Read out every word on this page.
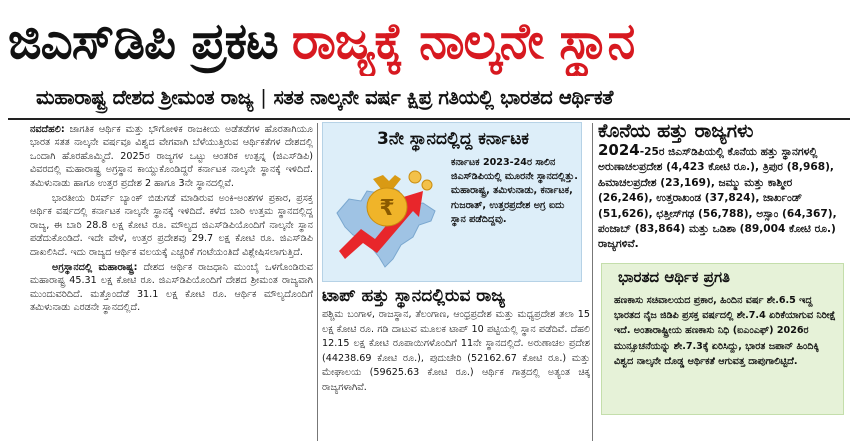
ಜಿಎಸ್‌ಡಿಪಿ ಪ್ರಕಟ ರಾಜ್ಯಕ್ಕೆ ನಾಲ್ಕನೇ ಸ್ಥಾನ
ಮಹಾರಾಷ್ಟ್ರ ದೇಶದ ಶ್ರೀಮಂತ ರಾಜ್ಯ | ಸತತ ನಾಲ್ಕನೇ ವರ್ಷ ಕ್ಷಿಪ್ರ ಗತಿಯಲ್ಲಿ ಭಾರತದ ಆರ್ಥಿಕತೆ

ನವದೆಹಲಿ: ಜಾಗತಿಕ ಆರ್ಥಿಕ ಮತ್ತು ಭೌಗೋಳಿಕ ರಾಜಕೀಯ ಅಡೆತಡೆಗಳ ಹೊರತಾಗಿಯೂ ಭಾರತ ಸತತ ನಾಲ್ಕನೇ ವರ್ಷವೂ ವಿಶ್ವದ ವೇಗವಾಗಿ ಬೆಳೆಯುತ್ತಿರುವ ಆರ್ಥಿಕತೆಗಳ ದೇಶದಲ್ಲಿ ಒಂದಾಗಿ ಹೊರಹೊಮ್ಮಿದೆ. 2025ರ ರಾಜ್ಯಗಳ ಒಟ್ಟು ಆಂತರಿಕ ಉತ್ಪನ್ನ (ಜಿಎಸ್‌ಡಿಪಿ) ವಿವರದಲ್ಲಿ ಮಹಾರಾಷ್ಟ್ರ ಅಗ್ರಸ್ಥಾನ ಕಾಯ್ದುಕೊಂಡಿದ್ದರೆ ಕರ್ನಾಟಕ ನಾಲ್ಕನೇ ಸ್ಥಾನಕ್ಕೆ ಇಳಿದಿದೆ. ತಮಿಳುನಾಡು ಹಾಗೂ ಉತ್ತರ ಪ್ರದೇಶ 2 ಹಾಗೂ 3ನೇ ಸ್ಥಾನದಲ್ಲಿವೆ.

ಭಾರತೀಯ ರಿಸರ್ವ್ ಬ್ಯಾಂಕ್ ಬಿಡುಗಡೆ ಮಾಡಿರುವ ಅಂಕಿ-ಅಂಶಗಳ ಪ್ರಕಾರ, ಪ್ರಸಕ್ತ ಆರ್ಥಿಕ ವರ್ಷದಲ್ಲಿ ಕರ್ನಾಟಕ ನಾಲ್ಕನೇ ಸ್ಥಾನಕ್ಕೆ ಇಳಿದಿದೆ. ಕಳೆದ ಬಾರಿ ಉತ್ತಮ ಸ್ಥಾನದಲ್ಲಿದ್ದ ರಾಜ್ಯ, ಈ ಬಾರಿ 28.8 ಲಕ್ಷ ಕೋಟಿ ರೂ. ಮೌಲ್ಯದ ಜಿಎಸ್‌ಡಿಪಿಯೊಂದಿಗೆ ನಾಲ್ಕನೇ ಸ್ಥಾನ ಪಡೆದುಕೊಂಡಿದೆ. ಇದೇ ವೇಳೆ, ಉತ್ತರ ಪ್ರದೇಶವು 29.7 ಲಕ್ಷ ಕೋಟಿ ರೂ. ಜಿಎಸ್‌ಡಿಪಿ ದಾಖಲಿಸಿದೆ. ಇದು ರಾಜ್ಯದ ಆರ್ಥಿಕ ವಲಯಕ್ಕೆ ಎಚ್ಚರಿಕೆ ಗಂಟೆಯಂತಿದೆ ವಿಶ್ಲೇಷಿಸಲಾಗುತ್ತಿದೆ.

ಅಗ್ರಸ್ಥಾನದಲ್ಲಿ ಮಹಾರಾಷ್ಟ್ರ: ದೇಶದ ಆರ್ಥಿಕ ರಾಜಧಾನಿ ಮುಂಬೈ ಒಳಗೊಂಡಿರುವ ಮಹಾರಾಷ್ಟ್ರ 45.31 ಲಕ್ಷ ಕೋಟಿ ರೂ. ಜಿಎಸ್‌ಡಿಪಿಯೊಂದಿಗೆ ದೇಶದ ಶ್ರೀಮಂತ ರಾಜ್ಯವಾಗಿ ಮುಂದುವರಿದಿದೆ. ಮತ್ತೊಂದೆಡೆ 31.1 ಲಕ್ಷ ಕೋಟಿ ರೂ. ಆರ್ಥಿಕ ಮೌಲ್ಯದೊಂದಿಗೆ ತಮಿಳುನಾಡು ಎರಡನೇ ಸ್ಥಾನದಲ್ಲಿದೆ.

3ನೇ ಸ್ಥಾನದಲ್ಲಿದ್ದ ಕರ್ನಾಟಕ
₹
ಕರ್ನಾಟಕ 2023-24ರ ಸಾಲಿನ ಜಿಎಸ್‌ಡಿಪಿಯಲ್ಲಿ ಮೂರನೇ ಸ್ಥಾನದಲ್ಲಿತ್ತು. ಮಹಾರಾಷ್ಟ್ರ, ತಮಿಳುನಾಡು, ಕರ್ನಾಟಕ, ಗುಜರಾತ್, ಉತ್ತರಪ್ರದೇಶ ಅಗ್ರ ಐದು ಸ್ಥಾನ ಪಡೆದಿದ್ದವು.
ಟಾಪ್ ಹತ್ತು ಸ್ಥಾನದಲ್ಲಿರುವ ರಾಜ್ಯ
ಪಶ್ಚಿಮ ಬಂಗಾಳ, ರಾಜಸ್ಥಾನ, ತೆಲಂಗಾಣ, ಆಂಧ್ರಪ್ರದೇಶ ಮತ್ತು ಮಧ್ಯಪ್ರದೇಶ ತಲಾ 15 ಲಕ್ಷ ಕೋಟಿ ರೂ. ಗಡಿ ದಾಟುವ ಮೂಲಕ ಟಾಪ್ 10 ಪಟ್ಟಿಯಲ್ಲಿ ಸ್ಥಾನ ಪಡೆದಿವೆ. ದೆಹಲಿ 12.15 ಲಕ್ಷ ಕೋಟಿ ರೂಪಾಯಿಗಳೊಂದಿಗೆ 11ನೇ ಸ್ಥಾನದಲ್ಲಿದೆ. ಅರುಣಾಚಲ ಪ್ರದೇಶ (44238.69 ಕೋಟಿ ರೂ.), ಪುದುಚೇರಿ (52162.67 ಕೋಟಿ ರೂ.) ಮತ್ತು ಮೇಘಾಲಯ (59625.63 ಕೋಟಿ ರೂ.) ಆರ್ಥಿಕ ಗಾತ್ರದಲ್ಲಿ ಅತ್ಯಂತ ಚಿಕ್ಕ ರಾಜ್ಯಗಳಾಗಿವೆ.
ಕೊನೆಯ ಹತ್ತು ರಾಜ್ಯಗಳು
2024-25ರ ಜಿಎಸ್‌ಡಿಪಿಯಲ್ಲಿ ಕೊನೆಯ ಹತ್ತು ಸ್ಥಾನಗಳಲ್ಲಿ ಅರುಣಾಚಲಪ್ರದೇಶ (4,423 ಕೋಟಿ ರೂ.), ತ್ರಿಪುರ (8,968), ಹಿಮಾಚಲಪ್ರದೇಶ (23,169), ಜಮ್ಮು ಮತ್ತು ಕಾಶ್ಮೀರ (26,246), ಉತ್ತರಾಖಂಡ (37,824), ಜಾರ್ಖಂಡ್ (51,626), ಛತ್ತೀಸ್‌ಗಢ (56,788), ಅಸ್ಸಾಂ (64,367), ಪಂಜಾಬ್ (83,864) ಮತ್ತು ಒಡಿಶಾ (89,004 ಕೋಟಿ ರೂ.) ರಾಜ್ಯಗಳಿವೆ.
ಭಾರತದ ಆರ್ಥಿಕ ಪ್ರಗತಿ
ಹಣಕಾಸು ಸಚಿವಾಲಯದ ಪ್ರಕಾರ, ಹಿಂದಿನ ವರ್ಷ ಶೇ.6.5 ಇದ್ದ ಭಾರತದ ನೈಜ ಜಿಡಿಪಿ ಪ್ರಸಕ್ತ ವರ್ಷದಲ್ಲಿ ಶೇ.7.4 ಏರಿಕೆಯಾಗುವ ನಿರೀಕ್ಷೆ ಇದೆ. ಅಂತಾರಾಷ್ಟ್ರೀಯ ಹಣಕಾಸು ನಿಧಿ (ಐಎಂಎಫ್) 2026ರ ಮುನ್ಸೂಚನೆಯನ್ನು ಶೇ.7.3ಕ್ಕೆ ಏರಿಸಿದ್ದು, ಭಾರತ ಜಪಾನ್ ಹಿಂದಿಕ್ಕಿ ವಿಶ್ವದ ನಾಲ್ಕನೇ ದೊಡ್ಡ ಆರ್ಥಿಕತೆ ಆಗುವತ್ತ ದಾಪುಗಾಲಿಟ್ಟಿದೆ.
